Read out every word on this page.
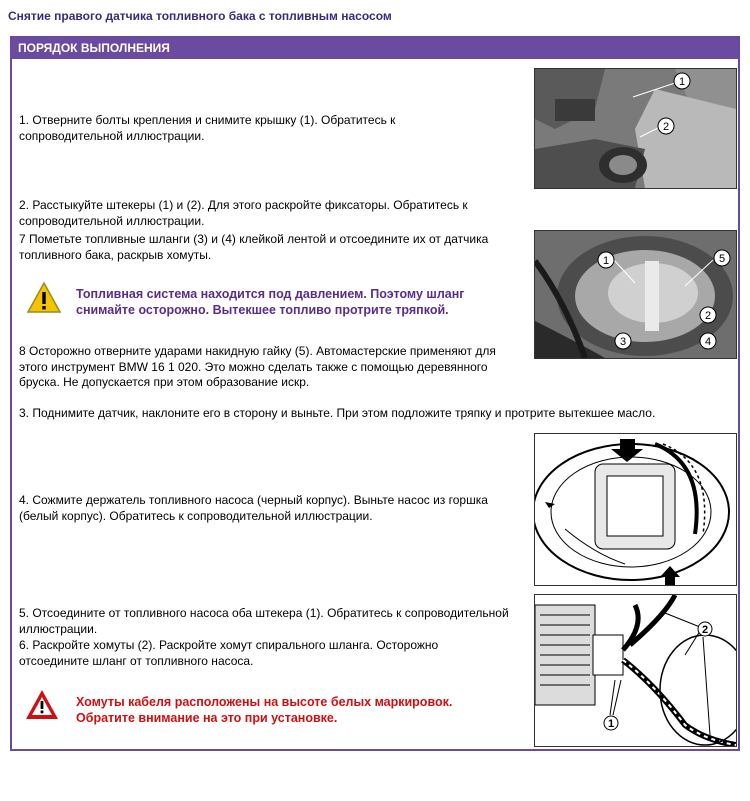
Снятие правого датчика топливного бака с топливным насосом
ПОРЯДОК ВЫПОЛНЕНИЯ
1. Отверните болты крепления и снимите крышку (1). Обратитесь к сопроводительной иллюстрации.
1
2
2. Расстыкуйте штекеры (1) и (2). Для этого раскройте фиксаторы. Обратитесь к сопроводительной иллюстрации.
7 Пометьте топливные шланги (3) и (4) клейкой лентой и отсоедините их от датчика топливного бака, раскрыв хомуты.	1	5
2
3	4
Топливная система находится под давлением. Поэтому шланг снимайте осторожно. Вытекшее топливо протрите тряпкой.
8 Осторожно отверните ударами накидную гайку (5). Автомастерские применяют для этого инструмент BMW 16 1 020. Это можно сделать также с помощью деревянного бруска. Не допускается при этом образование искр.
3. Поднимите датчик, наклоните его в сторону и выньте. При этом подложите тряпку и протрите вытекшее масло.
4. Сожмите держатель топливного насоса (черный корпус). Выньте насос из горшка (белый корпус). Обратитесь к сопроводительной иллюстрации.
5. Отсоедините от топливного насоса оба штекера (1). Обратитесь к сопроводительной иллюстрации.
6. Раскройте хомуты (2). Раскройте хомут спирального шланга. Осторожно отсоедините шланг от топливного насоса.
2
1
Хомуты кабеля расположены на высоте белых маркировок. Обратите внимание на это при установке.
